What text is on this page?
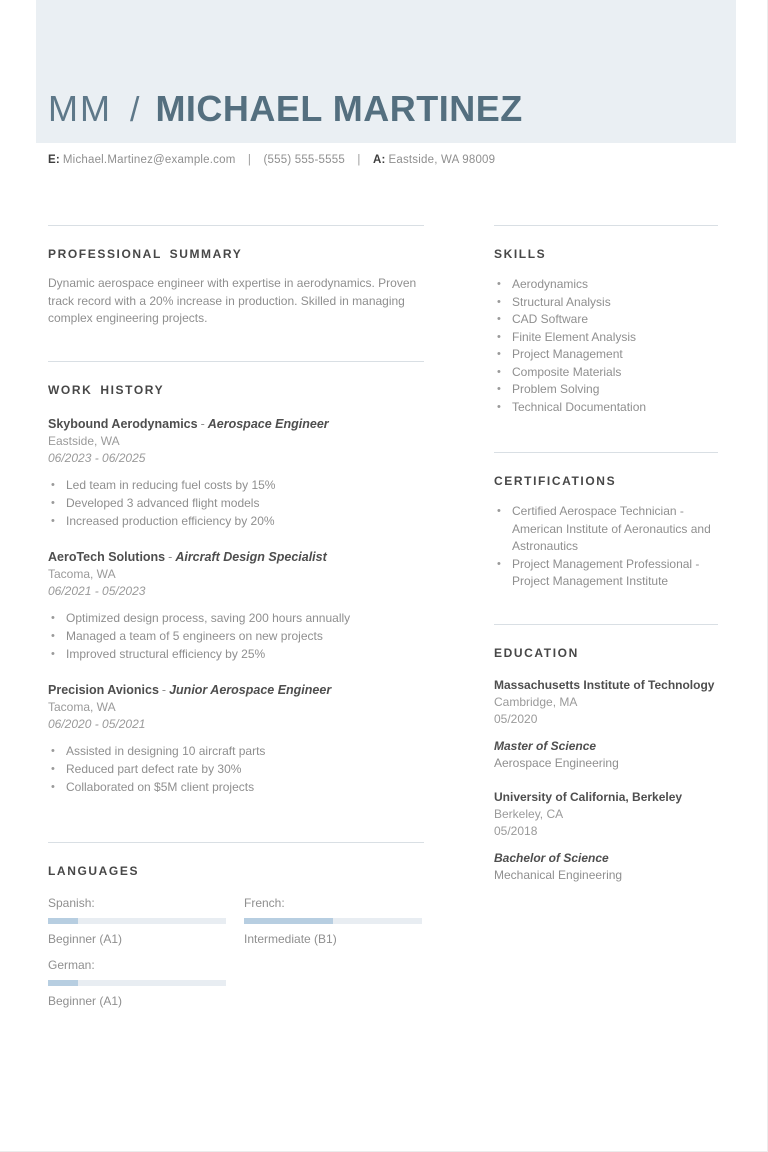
MM / MICHAEL MARTINEZ
E: Michael.Martinez@example.com | (555) 555-5555 | A: Eastside, WA 98009
PROFESSIONAL SUMMARY

Dynamic aerospace engineer with expertise in aerodynamics. Proven track record with a 20% increase in production. Skilled in managing complex engineering projects.

WORK HISTORY
Skybound Aerodynamics - Aerospace Engineer
Eastside, WA
06/2023 - 06/2025
• Led team in reducing fuel costs by 15%
• Developed 3 advanced flight models
• Increased production efficiency by 20%
AeroTech Solutions - Aircraft Design Specialist
Tacoma, WA
06/2021 - 05/2023
• Optimized design process, saving 200 hours annually
• Managed a team of 5 engineers on new projects
• Improved structural efficiency by 25%
Precision Avionics - Junior Aerospace Engineer
Tacoma, WA
06/2020 - 05/2021
• Assisted in designing 10 aircraft parts
• Reduced part defect rate by 30%
• Collaborated on $5M client projects
LANGUAGES
Spanish:
Beginner (A1)
French:
Intermediate (B1)
German:
Beginner (A1)
SKILLS
• Aerodynamics
• Structural Analysis
• CAD Software
• Finite Element Analysis
• Project Management
• Composite Materials
• Problem Solving
• Technical Documentation
CERTIFICATIONS
• Certified Aerospace Technician - American Institute of Aeronautics and Astronautics
• Project Management Professional - Project Management Institute
EDUCATION
Massachusetts Institute of Technology
Cambridge, MA
05/2020
Master of Science
Aerospace Engineering
University of California, Berkeley
Berkeley, CA
05/2018
Bachelor of Science
Mechanical Engineering
